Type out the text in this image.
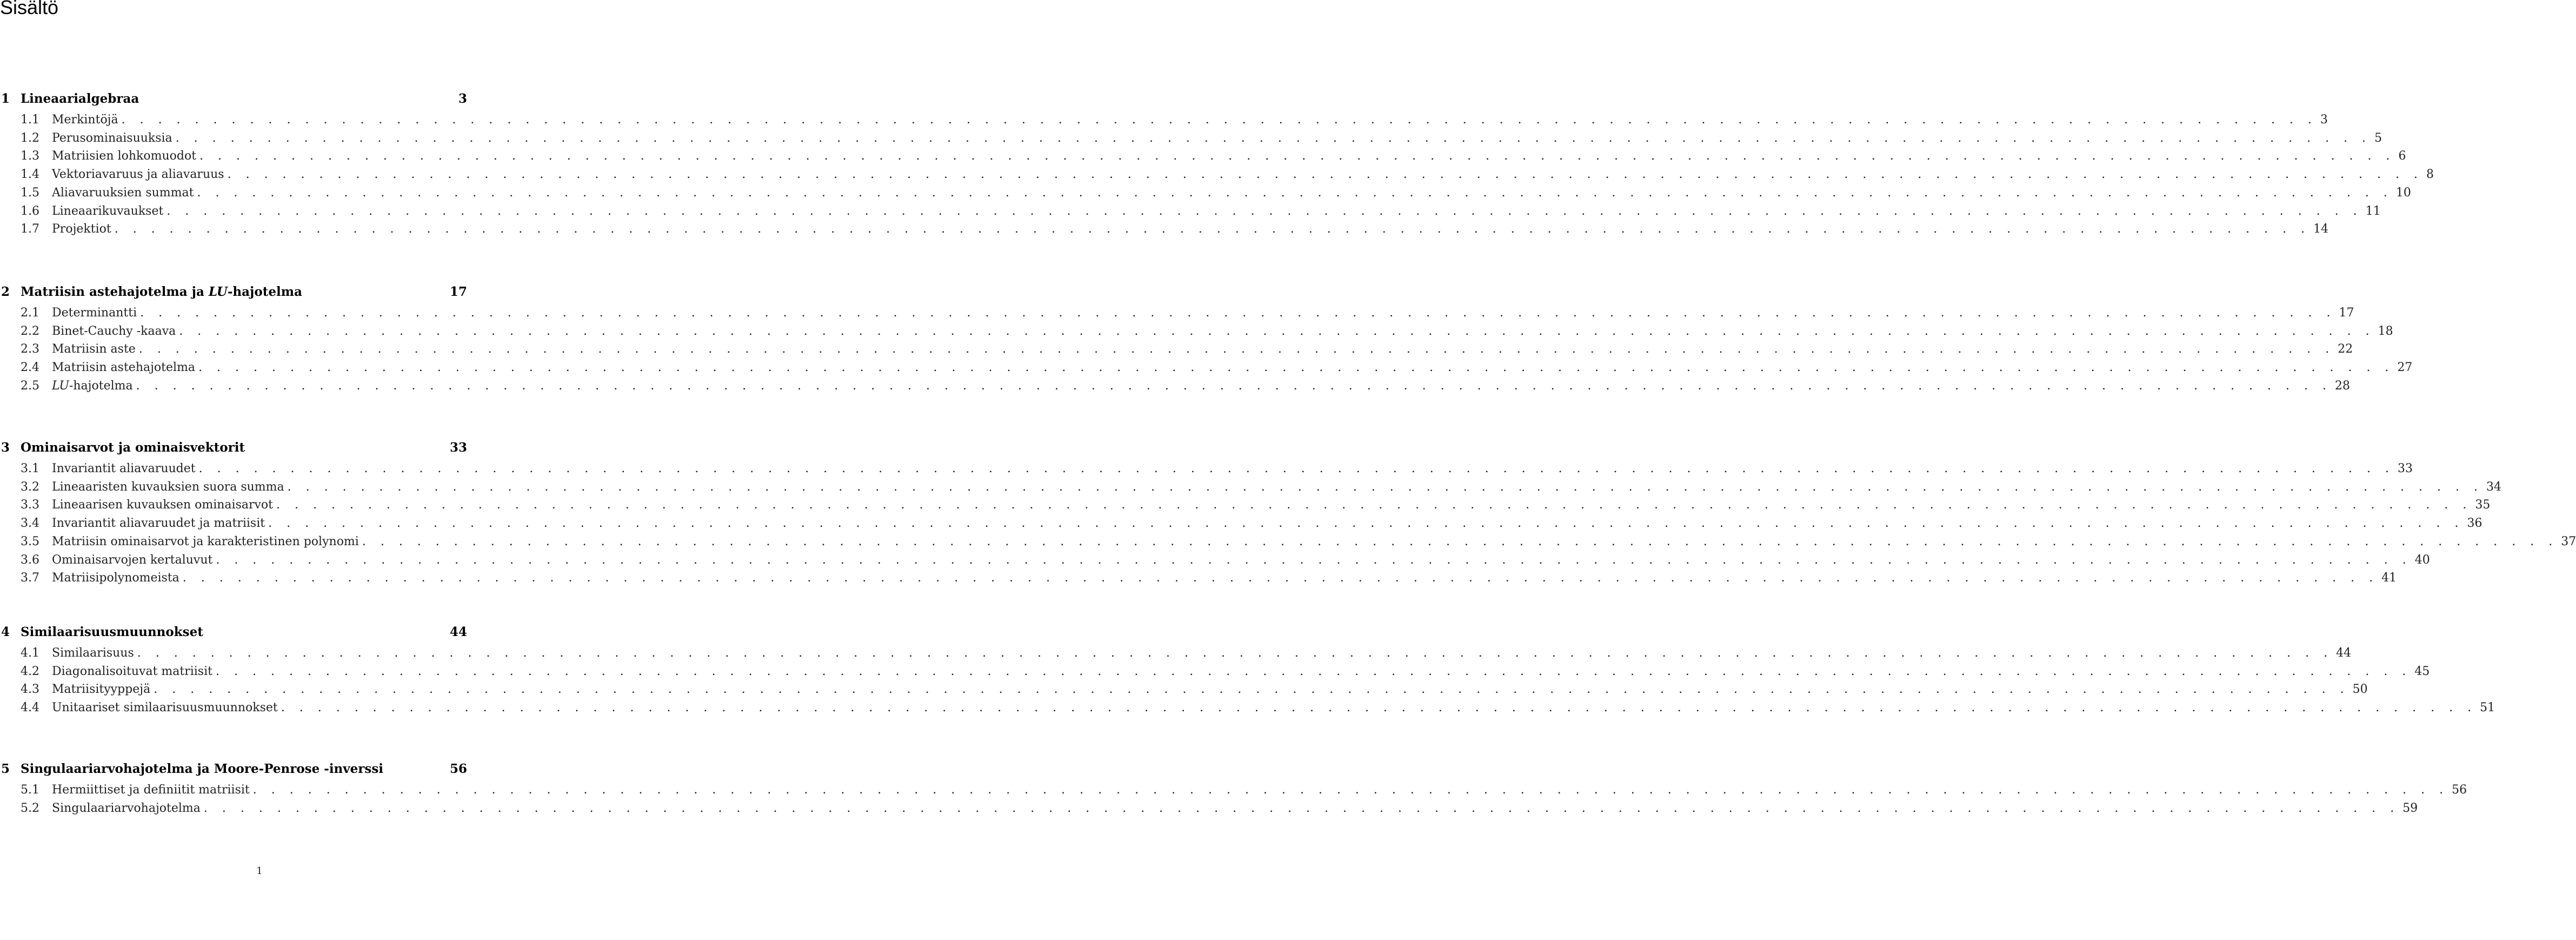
Sisältö
1 Lineaarialgebraa	3
1.1 Merkintöjä . . . . . . . . . . . . . . . . . . . . . . . . . . . . . . . . . . . . . . . . . . . . . . . . . . . . . . . . . . . . . . . . . . . . . . . . . . . . . . . . . . . . . . . . . . . . . . . . . . . . . . . . . . . . . . . . . . . . . . . . 3
1.2 Perusominaisuuksia . . . . . . . . . . . . . . . . . . . . . . . . . . . . . . . . . . . . . . . . . . . . . . . . . . . . . . . . . . . . . . . . . . . . . . . . . . . . . . . . . . . . . . . . . . . . . . . . . . . . . . . . . . . . . . . . . . . . . . . . 5
1.3 Matriisien lohkomuodot . . . . . . . . . . . . . . . . . . . . . . . . . . . . . . . . . . . . . . . . . . . . . . . . . . . . . . . . . . . . . . . . . . . . . . . . . . . . . . . . . . . . . . . . . . . . . . . . . . . . . . . . . . . . . . . . . . . . . . . . 6
1.4 Vektoriavaruus ja aliavaruus . . . . . . . . . . . . . . . . . . . . . . . . . . . . . . . . . . . . . . . . . . . . . . . . . . . . . . . . . . . . . . . . . . . . . . . . . . . . . . . . . . . . . . . . . . . . . . . . . . . . . . . . . . . . . . . . . . . . . . . . 8
1.5 Aliavaruuksien summat . . . . . . . . . . . . . . . . . . . . . . . . . . . . . . . . . . . . . . . . . . . . . . . . . . . . . . . . . . . . . . . . . . . . . . . . . . . . . . . . . . . . . . . . . . . . . . . . . . . . . . . . . . . . . . . . . . . . . . . . 10
1.6 Lineaarikuvaukset . . . . . . . . . . . . . . . . . . . . . . . . . . . . . . . . . . . . . . . . . . . . . . . . . . . . . . . . . . . . . . . . . . . . . . . . . . . . . . . . . . . . . . . . . . . . . . . . . . . . . . . . . . . . . . . . . . . . . . . . 11
1.7 Projektiot . . . . . . . . . . . . . . . . . . . . . . . . . . . . . . . . . . . . . . . . . . . . . . . . . . . . . . . . . . . . . . . . . . . . . . . . . . . . . . . . . . . . . . . . . . . . . . . . . . . . . . . . . . . . . . . . . . . . . . . . 14
2 Matriisin astehajotelma ja LU-hajotelma	17
2.1 Determinantti . . . . . . . . . . . . . . . . . . . . . . . . . . . . . . . . . . . . . . . . . . . . . . . . . . . . . . . . . . . . . . . . . . . . . . . . . . . . . . . . . . . . . . . . . . . . . . . . . . . . . . . . . . . . . . . . . . . . . . . . 17
2.2 Binet-Cauchy -kaava . . . . . . . . . . . . . . . . . . . . . . . . . . . . . . . . . . . . . . . . . . . . . . . . . . . . . . . . . . . . . . . . . . . . . . . . . . . . . . . . . . . . . . . . . . . . . . . . . . . . . . . . . . . . . . . . . . . . . . . . 18
2.3 Matriisin aste . . . . . . . . . . . . . . . . . . . . . . . . . . . . . . . . . . . . . . . . . . . . . . . . . . . . . . . . . . . . . . . . . . . . . . . . . . . . . . . . . . . . . . . . . . . . . . . . . . . . . . . . . . . . . . . . . . . . . . . . 22
2.4 Matriisin astehajotelma . . . . . . . . . . . . . . . . . . . . . . . . . . . . . . . . . . . . . . . . . . . . . . . . . . . . . . . . . . . . . . . . . . . . . . . . . . . . . . . . . . . . . . . . . . . . . . . . . . . . . . . . . . . . . . . . . . . . . . . . 27
2.5 LU-hajotelma . . . . . . . . . . . . . . . . . . . . . . . . . . . . . . . . . . . . . . . . . . . . . . . . . . . . . . . . . . . . . . . . . . . . . . . . . . . . . . . . . . . . . . . . . . . . . . . . . . . . . . . . . . . . . . . . . . . . . . . . 28
3 Ominaisarvot ja ominaisvektorit	33
3.1 Invariantit aliavaruudet . . . . . . . . . . . . . . . . . . . . . . . . . . . . . . . . . . . . . . . . . . . . . . . . . . . . . . . . . . . . . . . . . . . . . . . . . . . . . . . . . . . . . . . . . . . . . . . . . . . . . . . . . . . . . . . . . . . . . . . . 33
3.2 Lineaaristen kuvauksien suora summa . . . . . . . . . . . . . . . . . . . . . . . . . . . . . . . . . . . . . . . . . . . . . . . . . . . . . . . . . . . . . . . . . . . . . . . . . . . . . . . . . . . . . . . . . . . . . . . . . . . . . . . . . . . . . . . . . . . . . . . . 34
3.3 Lineaarisen kuvauksen ominaisarvot . . . . . . . . . . . . . . . . . . . . . . . . . . . . . . . . . . . . . . . . . . . . . . . . . . . . . . . . . . . . . . . . . . . . . . . . . . . . . . . . . . . . . . . . . . . . . . . . . . . . . . . . . . . . . . . . . . . . . . . . 35
3.4 Invariantit aliavaruudet ja matriisit . . . . . . . . . . . . . . . . . . . . . . . . . . . . . . . . . . . . . . . . . . . . . . . . . . . . . . . . . . . . . . . . . . . . . . . . . . . . . . . . . . . . . . . . . . . . . . . . . . . . . . . . . . . . . . . . . . . . . . . . 36
3.5 Matriisin ominaisarvot ja karakteristinen polynomi . . . . . . . . . . . . . . . . . . . . . . . . . . . . . . . . . . . . . . . . . . . . . . . . . . . . . . . . . . . . . . . . . . . . . . . . . . . . . . . . . . . . . . . . . . . . . . . . . . . . . . . . . . . . . . . . . . . . . . . . 37
3.6 Ominaisarvojen kertaluvut . . . . . . . . . . . . . . . . . . . . . . . . . . . . . . . . . . . . . . . . . . . . . . . . . . . . . . . . . . . . . . . . . . . . . . . . . . . . . . . . . . . . . . . . . . . . . . . . . . . . . . . . . . . . . . . . . . . . . . . . 40
3.7 Matriisipolynomeista . . . . . . . . . . . . . . . . . . . . . . . . . . . . . . . . . . . . . . . . . . . . . . . . . . . . . . . . . . . . . . . . . . . . . . . . . . . . . . . . . . . . . . . . . . . . . . . . . . . . . . . . . . . . . . . . . . . . . . . . 41
4 Similaarisuusmuunnokset	44
4.1 Similaarisuus . . . . . . . . . . . . . . . . . . . . . . . . . . . . . . . . . . . . . . . . . . . . . . . . . . . . . . . . . . . . . . . . . . . . . . . . . . . . . . . . . . . . . . . . . . . . . . . . . . . . . . . . . . . . . . . . . . . . . . . . 44
4.2 Diagonalisoituvat matriisit . . . . . . . . . . . . . . . . . . . . . . . . . . . . . . . . . . . . . . . . . . . . . . . . . . . . . . . . . . . . . . . . . . . . . . . . . . . . . . . . . . . . . . . . . . . . . . . . . . . . . . . . . . . . . . . . . . . . . . . . 45
4.3 Matriisityyppejä . . . . . . . . . . . . . . . . . . . . . . . . . . . . . . . . . . . . . . . . . . . . . . . . . . . . . . . . . . . . . . . . . . . . . . . . . . . . . . . . . . . . . . . . . . . . . . . . . . . . . . . . . . . . . . . . . . . . . . . . 50
4.4 Unitaariset similaarisuusmuunnokset . . . . . . . . . . . . . . . . . . . . . . . . . . . . . . . . . . . . . . . . . . . . . . . . . . . . . . . . . . . . . . . . . . . . . . . . . . . . . . . . . . . . . . . . . . . . . . . . . . . . . . . . . . . . . . . . . . . . . . . . 51
5 Singulaariarvohajotelma ja Moore-Penrose -inverssi	56
5.1 Hermiittiset ja definiitit matriisit . . . . . . . . . . . . . . . . . . . . . . . . . . . . . . . . . . . . . . . . . . . . . . . . . . . . . . . . . . . . . . . . . . . . . . . . . . . . . . . . . . . . . . . . . . . . . . . . . . . . . . . . . . . . . . . . . . . . . . . . 56
5.2 Singulaariarvohajotelma . . . . . . . . . . . . . . . . . . . . . . . . . . . . . . . . . . . . . . . . . . . . . . . . . . . . . . . . . . . . . . . . . . . . . . . . . . . . . . . . . . . . . . . . . . . . . . . . . . . . . . . . . . . . . . . . . . . . . . . . 59
1
